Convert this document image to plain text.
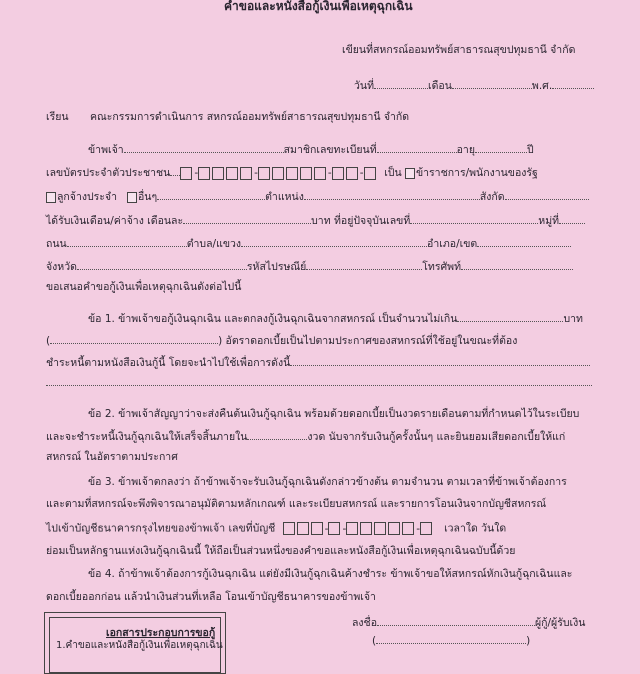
คำขอและหนังสือกู้เงินเพื่อเหตุฉุกเฉิน
เขียนที่สหกรณ์ออมทรัพย์สาธารณสุขปทุมธานี จำกัด
วันที่	เดือน	พ.ศ.
เรียน คณะกรรมการดำเนินการ สหกรณ์ออมทรัพย์สาธารณสุขปทุมธานี จำกัด
ข้าพเจ้า	สมาชิกเลขทะเบียนที่	อายุ	ปี
เลขบัตรประจำตัวประชาชน -	-	-	- เป็น ข้าราชการ/พนักงานของรัฐ
ลูกจ้างประจำ อื่นๆ	ตำแหน่ง	สังกัด
ได้รับเงินเดือน/ค่าจ้าง เดือนละ	บาท ที่อยู่ปัจจุบันเลขที่	หมู่ที่
ถนน	ตำบล/แขวง	อำเภอ/เขต
จังหวัด	รหัสไปรษณีย์	โทรศัพท์
ขอเสนอคำขอกู้เงินเพื่อเหตุฉุกเฉินดังต่อไปนี้
ข้อ 1. ข้าพเจ้าขอกู้เงินฉุกเฉิน และตกลงกู้เงินฉุกเฉินจากสหกรณ์ เป็นจำนวนไม่เกิน	บาท
(	) อัตราดอกเบี้ยเป็นไปตามประกาศของสหกรณ์ที่ใช้อยู่ในขณะที่ต้อง
ชำระหนี้ตามหนังสือเงินกู้นี้ โดยจะนำไปใช้เพื่อการดังนี้
ข้อ 2. ข้าพเจ้าสัญญาว่าจะส่งคืนต้นเงินกู้ฉุกเฉิน พร้อมด้วยดอกเบี้ยเป็นงวดรายเดือนตามที่กำหนดไว้ในระเบียบ
และจะชำระหนี้เงินกู้ฉุกเฉินให้เสร็จสิ้นภายใน	งวด นับจากรับเงินกู้ครั้งนั้นๆ และยินยอมเสียดอกเบี้ยให้แก่
สหกรณ์ ในอัตราตามประกาศ
ข้อ 3. ข้าพเจ้าตกลงว่า ถ้าข้าพเจ้าจะรับเงินกู้ฉุกเฉินดังกล่าวข้างต้น ตามจำนวน ตามเวลาที่ข้าพเจ้าต้องการ
และตามที่สหกรณ์จะพึงพิจารณาอนุมัติตามหลักเกณฑ์ และระเบียบสหกรณ์ และรายการโอนเงินจากบัญชีสหกรณ์
ไปเข้าบัญชีธนาคารกรุงไทยของข้าพเจ้า เลขที่บัญชี	- -	- เวลาใด วันใด
ย่อมเป็นหลักฐานแห่งเงินกู้ฉุกเฉินนี้ ให้ถือเป็นส่วนหนึ่งของคำขอและหนังสือกู้เงินเพื่อเหตุฉุกเฉินฉบับนี้ด้วย
ข้อ 4. ถ้าข้าพเจ้าต้องการกู้เงินฉุกเฉิน แต่ยังมีเงินกู้ฉุกเฉินค้างชำระ ข้าพเจ้าขอให้สหกรณ์หักเงินกู้ฉุกเฉินและ
ดอกเบี้ยออกก่อน แล้วนำเงินส่วนที่เหลือ โอนเข้าบัญชีธนาคารของข้าพเจ้า
เอกสารประกอบการขอกู้
1.คำขอและหนังสือกู้เงินเพื่อเหตุฉุกเฉิน
ลงชื่อ	ผู้กู้/ผู้รับเงิน
(	)
